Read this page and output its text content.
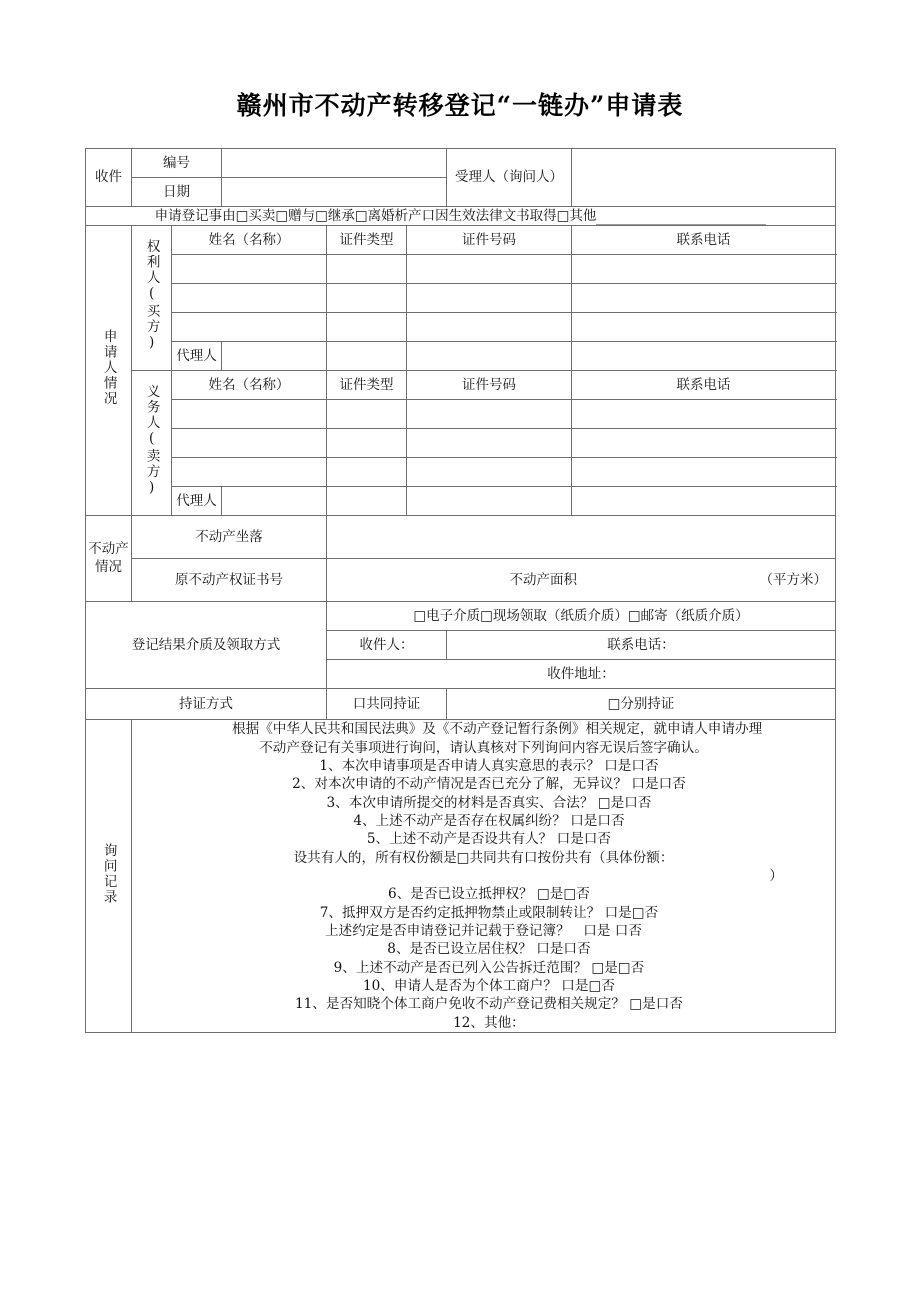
赣州市不动产转移登记“一链办”申请表
收件	编号					受理人（询问人）	
	日期						
申请登记事由□买卖□赠与□继承□离婚析产口因生效法律文书取得□其他							
申请人情况	权利人(买方)	姓名（名称）		证件类型	证件号码		联系电话

		代理人					
	义务人(卖方)	姓名（名称）		证件类型	证件号码		联系电话

		代理人					
不动产情况	不动产坐落						
	原不动产权证书号			不动产面积 （平方米）			

登记结果介质及领取方式				□电子介质□现场领取（纸质介质）□邮寄（纸质介质）			
				收件人：		联系电话：	
				收件地址：			
持证方式				口共同持证		□分别持证	
询问记录	
根据《中华人民共和国民法典》及《不动产登记暂行条例》相关规定，就申请人申请办理
不动产登记有关事项进行询问，请认真核对下列询问内容无误后签字确认。
1、本次申请事项是否申请人真实意思的表示？ 口是口否
2、对本次申请的不动产情况是否已充分了解，无异议？ 口是口否
3、本次申请所提交的材料是否真实、合法？ □是口否
4、上述不动产是否存在权属纠纷？ 口是口否
5、上述不动产是否设共有人？ 口是口否
设共有人的，所有权份额是□共同共有口按份共有（具体份额：
）
6、是否已设立抵押权？ □是□否
7、抵押双方是否约定抵押物禁止或限制转让？ 口是□否
上述约定是否申请登记并记载于登记簿？　口是 口否
8、是否已设立居住权？ 口是口否
9、上述不动产是否已列入公告拆迁范围？ □是□否
10、申请人是否为个体工商户？ 口是□否
11、是否知晓个体工商户免收不动产登记费相关规定？ □是口否
12、其他：
